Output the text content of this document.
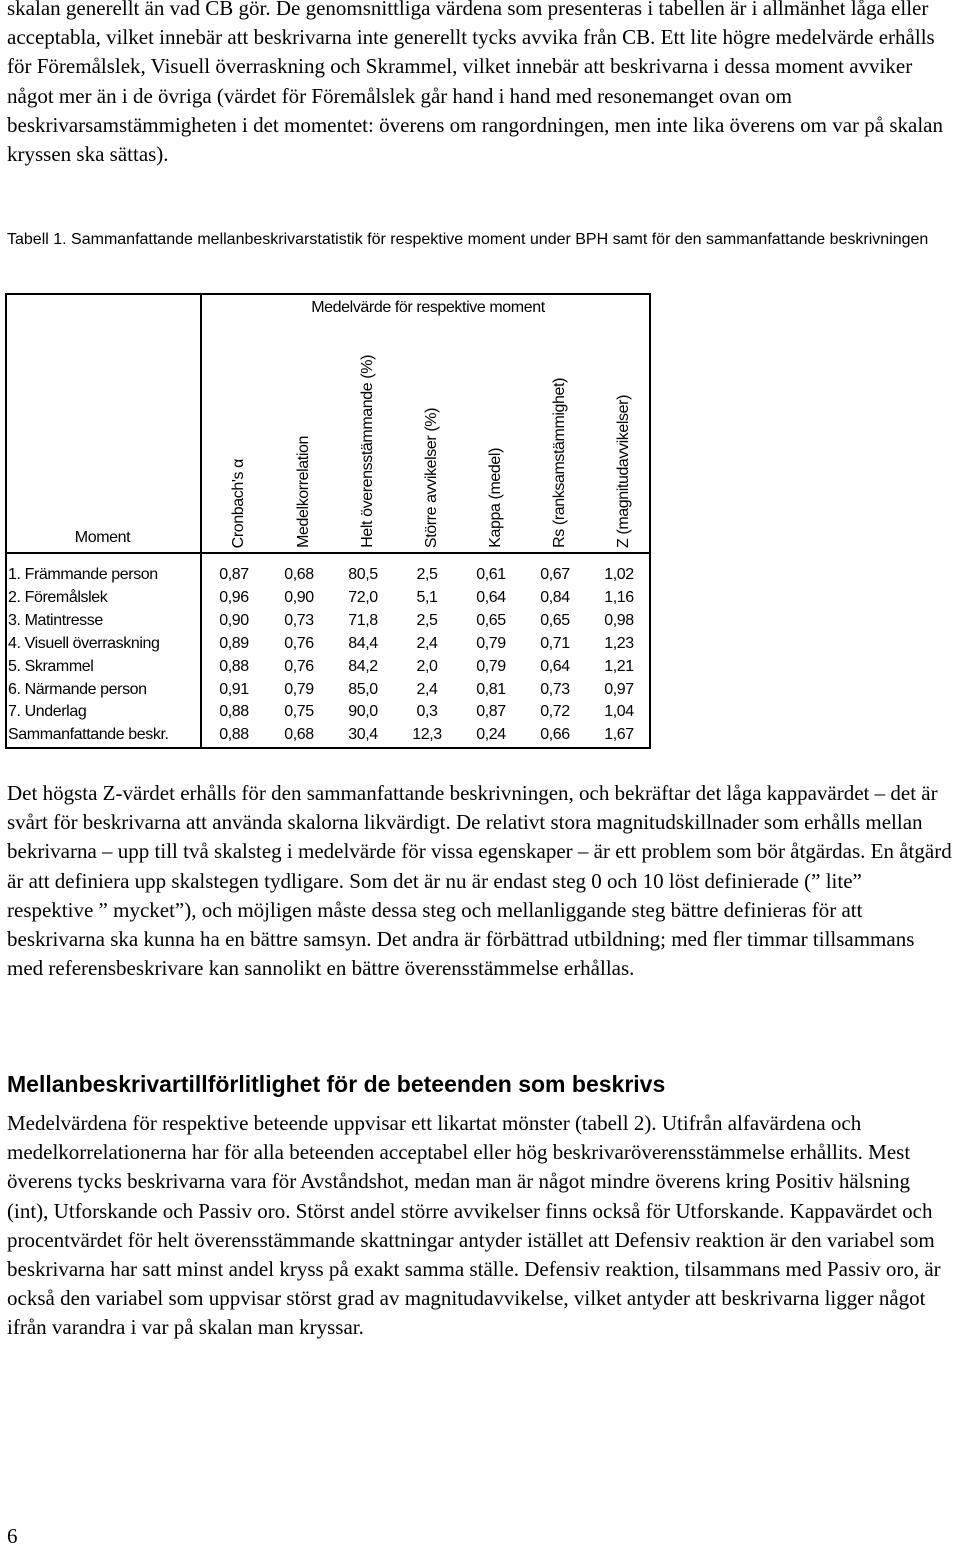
skalan generellt än vad CB gör. De genomsnittliga värdena som presenteras i tabellen är i allmänhet låga eller acceptabla, vilket innebär att beskrivarna inte generellt tycks avvika från CB. Ett lite högre medelvärde erhålls för Föremålslek, Visuell överraskning och Skrammel, vilket innebär att beskrivarna i dessa moment avviker något mer än i de övriga (värdet för Föremålslek går hand i hand med resonemanget ovan om beskrivarsamstämmigheten i det momentet: överens om rangordningen, men inte lika överens om var på skalan kryssen ska sättas).

Tabell 1. Sammanfattande mellanbeskrivarstatistik för respektive moment under BPH samt för den sammanfattande beskrivningen
Medelvärde för respektive moment
Moment	Cronbach's α	Medelkorrelation	Helt överensstämmande (%)	Större avvikelser (%)	Kappa (medel)	Rs (ranksamstämmighet)	Z (magnitudavvikelser)
1. Främmande person	0,87	0,68	80,5	2,5	0,61	0,67	1,02
2. Föremålslek	0,96	0,90	72,0	5,1	0,64	0,84	1,16
3. Matintresse	0,90	0,73	71,8	2,5	0,65	0,65	0,98
4. Visuell överraskning	0,89	0,76	84,4	2,4	0,79	0,71	1,23
5. Skrammel	0,88	0,76	84,2	2,0	0,79	0,64	1,21
6. Närmande person	0,91	0,79	85,0	2,4	0,81	0,73	0,97
7. Underlag	0,88	0,75	90,0	0,3	0,87	0,72	1,04
Sammanfattande beskr.	0,88	0,68	30,4	12,3	0,24	0,66	1,67
Det högsta Z-värdet erhålls för den sammanfattande beskrivningen, och bekräftar det låga kappavärdet – det är svårt för beskrivarna att använda skalorna likvärdigt. De relativt stora magnitudskillnader som erhålls mellan bekrivarna – upp till två skalsteg i medelvärde för vissa egenskaper – är ett problem som bör åtgärdas. En åtgärd är att definiera upp skalstegen tydligare. Som det är nu är endast steg 0 och 10 löst definierade (” lite” respektive ” mycket”), och möjligen måste dessa steg och mellanliggande steg bättre definieras för att beskrivarna ska kunna ha en bättre samsyn. Det andra är förbättrad utbildning; med fler timmar tillsammans med referensbeskrivare kan sannolikt en bättre överensstämmelse erhållas.
Mellanbeskrivartillförlitlighet för de beteenden som beskrivs
Medelvärdena för respektive beteende uppvisar ett likartat mönster (tabell 2). Utifrån alfavärdena och medelkorrelationerna har för alla beteenden acceptabel eller hög beskrivaröverensstämmelse erhållits. Mest överens tycks beskrivarna vara för Avståndshot, medan man är något mindre överens kring Positiv hälsning (int), Utforskande och Passiv oro. Störst andel större avvikelser finns också för Utforskande. Kappavärdet och procentvärdet för helt överensstämmande skattningar antyder istället att Defensiv reaktion är den variabel som beskrivarna har satt minst andel kryss på exakt samma ställe. Defensiv reaktion, tilsammans med Passiv oro, är också den variabel som uppvisar störst grad av magnitudavvikelse, vilket antyder att beskrivarna ligger något ifrån varandra i var på skalan man kryssar.
6
